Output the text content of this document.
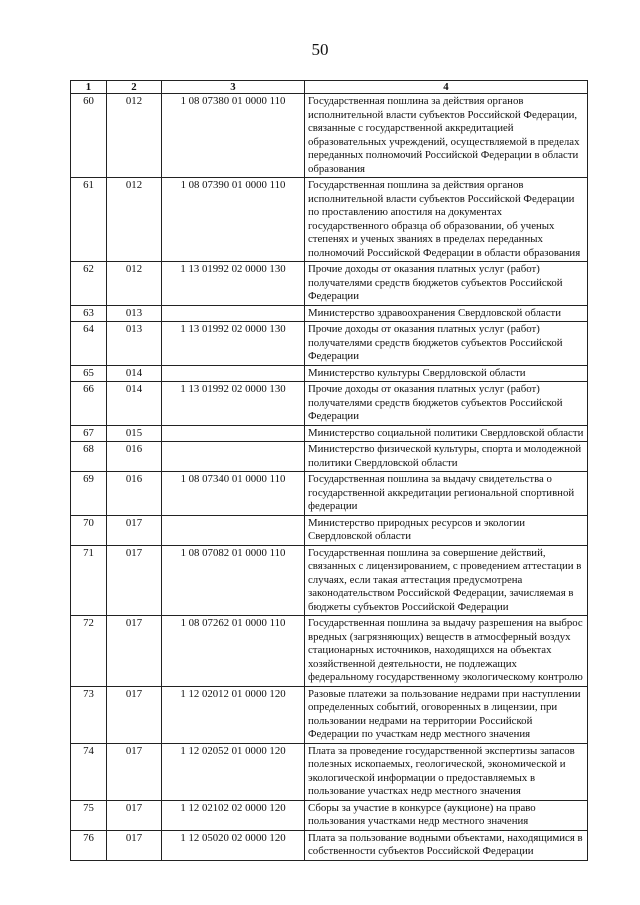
50
1	2	3	4
60	012	1 08 07380 01 0000 110	Государственная пошлина за действия органов исполнительной власти субъектов Российской Федерации, связанные с государственной аккредитацией образовательных учреждений, осуществляемой в пределах переданных полномочий Российской Федерации в области образования
61	012	1 08 07390 01 0000 110	Государственная пошлина за действия органов исполнительной власти субъектов Российской Федерации по проставлению апостиля на документах государственного образца об образовании, об ученых степенях и ученых званиях в пределах переданных полномочий Российской Федерации в области образования
62	012	1 13 01992 02 0000 130	Прочие доходы от оказания платных услуг (работ) получателями средств бюджетов субъектов Российской Федерации
63	013		Министерство здравоохранения Свердловской области
64	013	1 13 01992 02 0000 130	Прочие доходы от оказания платных услуг (работ) получателями средств бюджетов субъектов Российской Федерации
65	014		Министерство культуры Свердловской области
66	014	1 13 01992 02 0000 130	Прочие доходы от оказания платных услуг (работ) получателями средств бюджетов субъектов Российской Федерации
67	015		Министерство социальной политики Свердловской области
68	016		Министерство физической культуры, спорта и молодежной политики Свердловской области
69	016	1 08 07340 01 0000 110	Государственная пошлина за выдачу свидетельства о государственной аккредитации региональной спортивной федерации
70	017		Министерство природных ресурсов и экологии Свердловской области
71	017	1 08 07082 01 0000 110	Государственная пошлина за совершение действий, связанных с лицензированием, с проведением аттестации в случаях, если такая аттестация предусмотрена законодательством Российской Федерации, зачисляемая в бюджеты субъектов Российской Федерации
72	017	1 08 07262 01 0000 110	Государственная пошлина за выдачу разрешения на выброс вредных (загрязняющих) веществ в атмосферный воздух стационарных источников, находящихся на объектах хозяйственной деятельности, не подлежащих федеральному государственному экологическому контролю
73	017	1 12 02012 01 0000 120	Разовые платежи за пользование недрами при наступлении определенных событий, оговоренных в лицензии, при пользовании недрами на территории Российской Федерации по участкам недр местного значения
74	017	1 12 02052 01 0000 120	Плата за проведение государственной экспертизы запасов полезных ископаемых, геологической, экономической и экологической информации о предоставляемых в пользование участках недр местного значения
75	017	1 12 02102 02 0000 120	Сборы за участие в конкурсе (аукционе) на право пользования участками недр местного значения
76	017	1 12 05020 02 0000 120	Плата за пользование водными объектами, находящимися в собственности субъектов Российской Федерации
